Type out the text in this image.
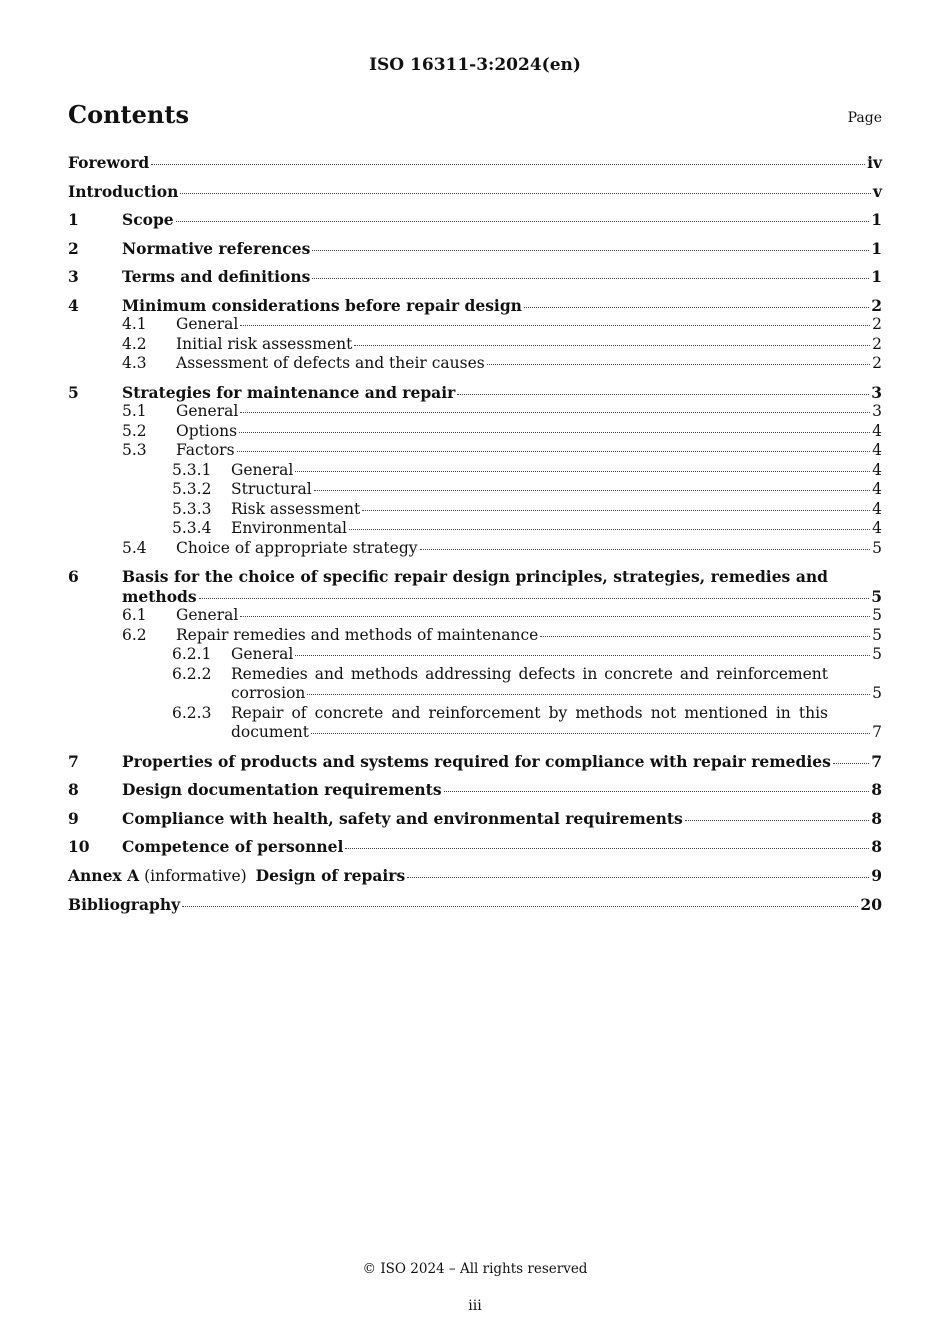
ISO 16311-3:2024(en)
Contents	Page
Foreword	iv
Introduction	v
1	Scope	1
2	Normative references	1
3	Terms and definitions	1
4	Minimum considerations before repair design	2
4.1	General	2
4.2	Initial risk assessment	2
4.3	Assessment of defects and their causes	2
5	Strategies for maintenance and repair	3
5.1	General	3
5.2	Options	4
5.3	Factors	4
5.3.1	General	4
5.3.2	Structural	4
5.3.3	Risk assessment	4
5.3.4	Environmental	4
5.4	Choice of appropriate strategy	5
6	Basis for the choice of specific repair design principles, strategies, remedies and
methods	5
6.1	General	5
6.2	Repair remedies and methods of maintenance	5
6.2.1	General	5
6.2.2	Remedies and methods addressing defects in concrete and reinforcement
corrosion	5
6.2.3	Repair of concrete and reinforcement by methods not mentioned in this
document	7
7	Properties of products and systems required for compliance with repair remedies	7
8	Design documentation requirements	8
9	Compliance with health, safety and environmental requirements	8
10	Competence of personnel	8
Annex A (informative) Design of repairs	9
Bibliography	20
© ISO 2024 – All rights reserved
iii
